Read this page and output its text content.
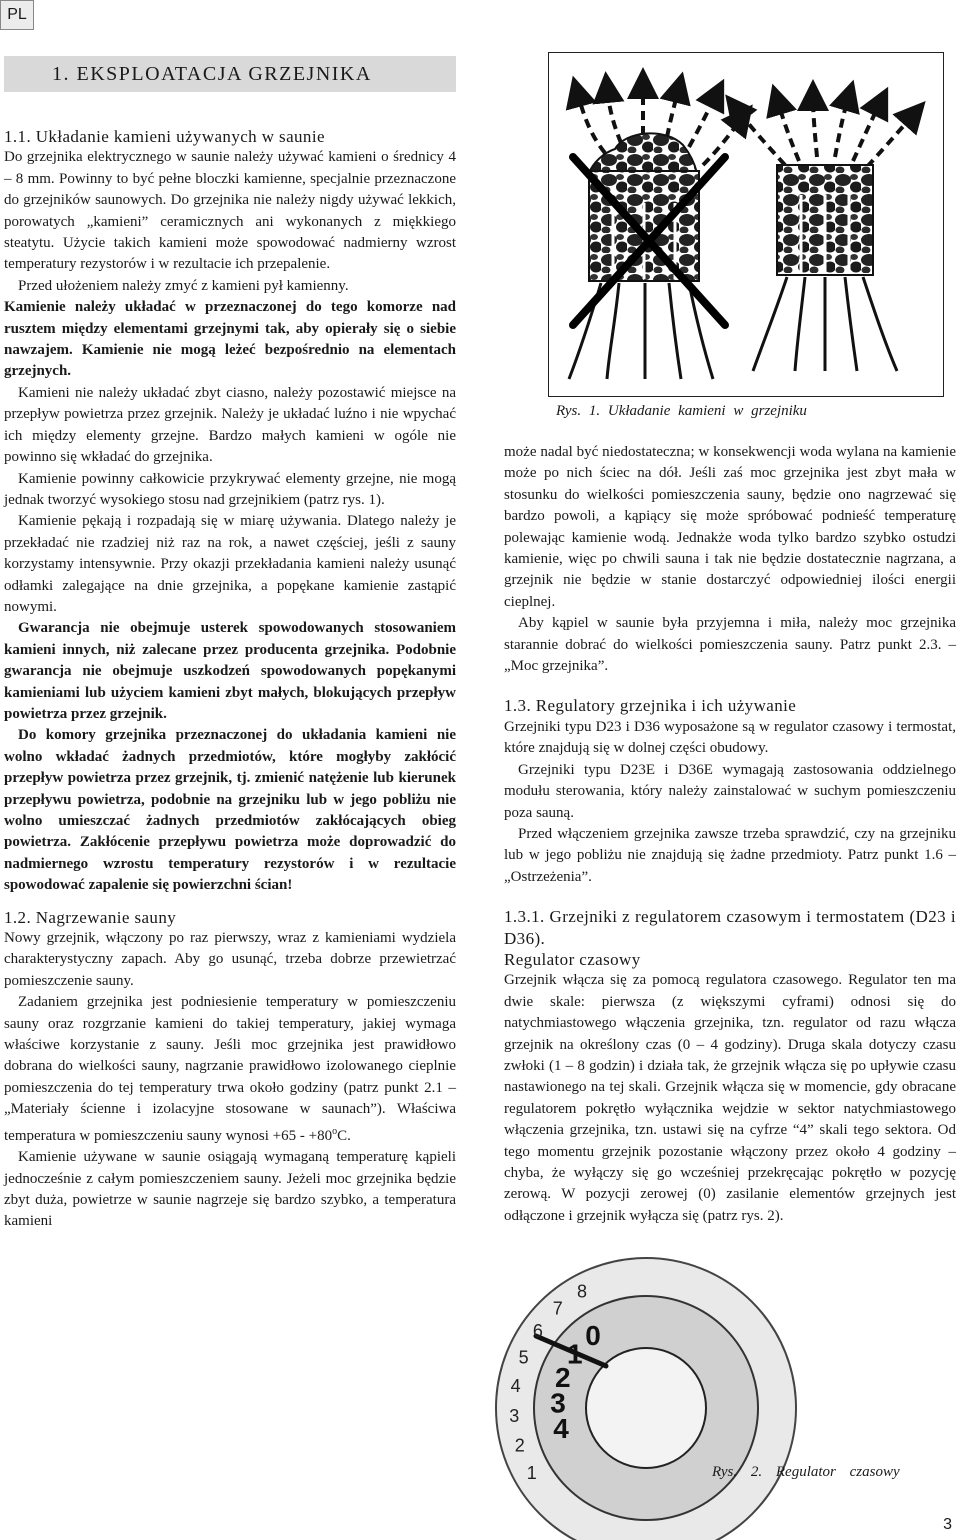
PL
1. EKSPLOATACJA GRZEJNIKA

1.1. Układanie kamieni używanych w saunie

Do grzejnika elektrycznego w saunie należy używać kamieni o średnicy 4 – 8 mm. Powinny to być pełne bloczki kamienne, specjalnie przeznaczone do grzejników saunowych. Do grzejnika nie należy nigdy używać lekkich, porowatych „kamieni” ceramicznych ani wykonanych z miękkiego steatytu. Użycie takich kamieni może spowodować nadmierny wzrost temperatury rezystorów i w rezultacie ich przepalenie.

Przed ułożeniem należy zmyć z kamieni pył kamienny.

Kamienie należy układać w przeznaczonej do tego komorze nad rusztem między elementami grzejnymi tak, aby opierały się o siebie nawzajem. Kamienie nie mogą leżeć bezpośrednio na elementach grzejnych.

Kamieni nie należy układać zbyt ciasno, należy pozostawić miejsce na przepływ powietrza przez grzejnik. Należy je układać luźno i nie wpychać ich między elementy grzejne. Bardzo małych kamieni w ogóle nie powinno się wkładać do grzejnika.

Kamienie powinny całkowicie przykrywać elementy grzejne, nie mogą jednak tworzyć wysokiego stosu nad grzejnikiem (patrz rys. 1).

Kamienie pękają i rozpadają się w miarę używania. Dlatego należy je przekładać nie rzadziej niż raz na rok, a nawet częściej, jeśli z sauny korzystamy intensywnie. Przy okazji przekładania kamieni należy usunąć odłamki zalegające na dnie grzejnika, a popękane kamienie zastąpić nowymi.

Gwarancja nie obejmuje usterek spowodowanych stosowaniem kamieni innych, niż zalecane przez producenta grzejnika. Podobnie gwarancja nie obejmuje uszkodzeń spowodowanych popękanymi kamieniami lub użyciem kamieni zbyt małych, blokujących przepływ powietrza przez grzejnik.

Do komory grzejnika przeznaczonej do układania kamieni nie wolno wkładać żadnych przedmiotów, które mogłyby zakłócić przepływ powietrza przez grzejnik, tj. zmienić natężenie lub kierunek przepływu powietrza, podobnie na grzejniku lub w jego pobliżu nie wolno umieszczać żadnych przedmiotów zakłócających obieg powietrza. Zakłócenie przepływu powietrza może doprowadzić do nadmiernego wzrostu temperatury rezystorów i w rezultacie spowodować zapalenie się powierzchni ścian!

1.2. Nagrzewanie sauny

Nowy grzejnik, włączony po raz pierwszy, wraz z kamieniami wydziela charakterystyczny zapach. Aby go usunąć, trzeba dobrze przewietrzać pomieszczenie sauny.

Zadaniem grzejnika jest podniesienie temperatury w pomieszczeniu sauny oraz rozgrzanie kamieni do takiej temperatury, jakiej wymaga właściwe korzystanie z sauny. Jeśli moc grzejnika jest prawidłowo dobrana do wielkości sauny, nagrzanie prawidłowo izolowanego cieplnie pomieszczenia do tej temperatury trwa około godziny (patrz punkt 2.1 – „Materiały ścienne i izolacyjne stosowane w saunach”). Właściwa temperatura w pomieszczeniu sauny wynosi $+65 - +80^oC$.

Kamienie używane w saunie osiągają wymaganą temperaturę kąpieli jednocześnie z całym pomieszczeniem sauny. Jeżeli moc grzejnika będzie zbyt duża, powietrze w saunie nagrzeje się bardzo szybko, a temperatura kamieni

Rys. 1. Układanie kamieni w grzejniku

może nadal być niedostateczna; w konsekwencji woda wylana na kamienie może po nich ściec na dół. Jeśli zaś moc grzejnika jest zbyt mała w stosunku do wielkości pomieszczenia sauny, będzie ono nagrzewać się bardzo powoli, a kąpiący się może spróbować podnieść temperaturę polewając kamienie wodą. Jednakże woda tylko bardzo szybko ostudzi kamienie, więc po chwili sauna i tak nie będzie dostatecznie nagrzana, a grzejnik nie będzie w stanie dostarczyć odpowiedniej ilości energii cieplnej.

Aby kąpiel w saunie była przyjemna i miła, należy moc grzejnika starannie dobrać do wielkości pomieszczenia sauny. Patrz punkt 2.3. – „Moc grzejnika”.

1.3. Regulatory grzejnika i ich używanie

Grzejniki typu D23 i D36 wyposażone są w regulator czasowy i termostat, które znajdują się w dolnej części obudowy.

Grzejniki typu D23E i D36E wymagają zastosowania oddzielnego modułu sterowania, który należy zainstalować w suchym pomieszczeniu poza sauną.

Przed włączeniem grzejnika zawsze trzeba sprawdzić, czy na grzejniku lub w jego pobliżu nie znajdują się żadne przedmioty. Patrz punkt 1.6 – „Ostrzeżenia”.

1.3.1. Grzejniki z regulatorem czasowym i termostatem (D23 i D36).

Regulator czasowy

Grzejnik włącza się za pomocą regulatora czasowego. Regulator ten ma dwie skale: pierwsza (z większymi cyframi) odnosi się do natychmiastowego włączenia grzejnika, tzn. regulator od razu włącza grzejnik na określony czas (0 – 4 godziny). Druga skala dotyczy czasu zwłoki (1 – 8 godzin) i działa tak, że grzejnik włącza się po upływie czasu nastawionego na tej skali. Grzejnik włącza się w momencie, gdy obracane regulatorem pokrętło wyłącznika wejdzie w sektor natychmiastowego włączenia grzejnika, tzn. ustawi się na cyfrze “4” skali tego sektora. Od tego momentu grzejnik pozostanie włączony przez około 4 godziny – chyba, że wyłączy się go wcześniej przekręcając pokrętło w pozycję zerową. W pozycji zerowej (0) zasilanie elementów grzejnych jest odłączone i grzejnik wyłącza się (patrz rys. 2).

1
2
3
4
5
6
7
8
4
3
2
1
0
Rys. 2. Regulator czasowy
3
